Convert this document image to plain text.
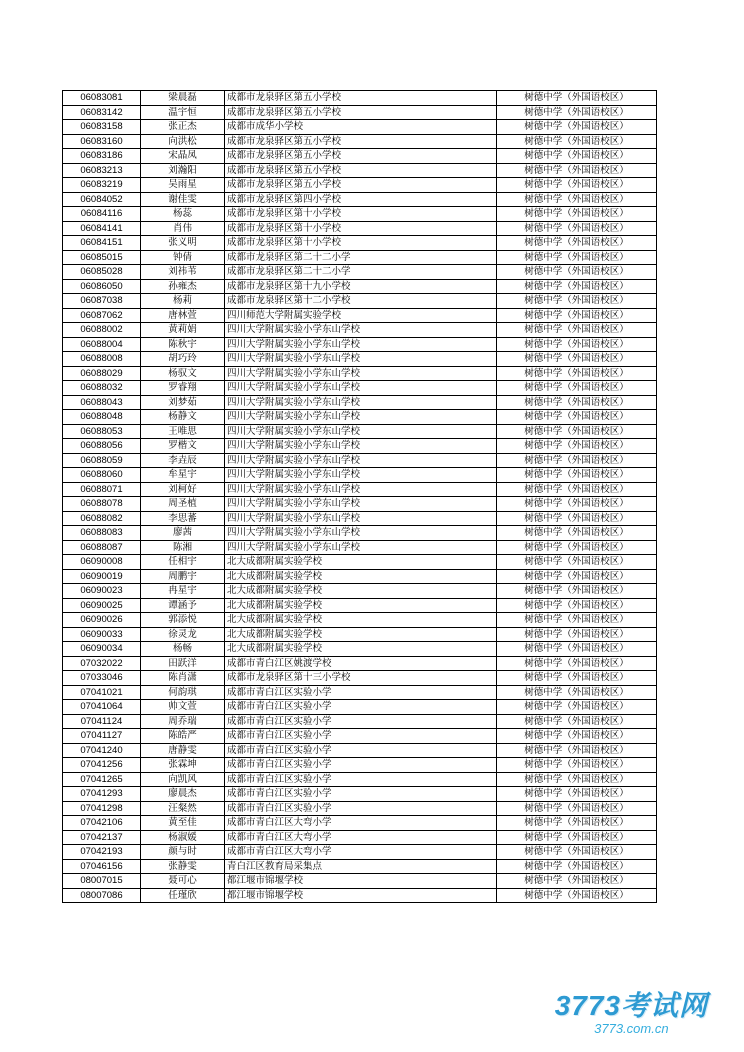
06083081	梁晨磊	成都市龙泉驿区第五小学校	树德中学（外国语校区）
06083142	温宇恒	成都市龙泉驿区第五小学校	树德中学（外国语校区）
06083158	张正杰	成都市成华小学校	树德中学（外国语校区）
06083160	向洪松	成都市龙泉驿区第五小学校	树德中学（外国语校区）
06083186	宋晶凤	成都市龙泉驿区第五小学校	树德中学（外国语校区）
06083213	刘瀚阳	成都市龙泉驿区第五小学校	树德中学（外国语校区）
06083219	吴雨星	成都市龙泉驿区第五小学校	树德中学（外国语校区）
06084052	谢佳雯	成都市龙泉驿区第四小学校	树德中学（外国语校区）
06084116	杨蕊	成都市龙泉驿区第十小学校	树德中学（外国语校区）
06084141	肖伟	成都市龙泉驿区第十小学校	树德中学（外国语校区）
06084151	张义明	成都市龙泉驿区第十小学校	树德中学（外国语校区）
06085015	钟倩	成都市龙泉驿区第二十二小学	树德中学（外国语校区）
06085028	刘祎苇	成都市龙泉驿区第二十二小学	树德中学（外国语校区）
06086050	孙雍杰	成都市龙泉驿区第十九小学校	树德中学（外国语校区）
06087038	杨莉	成都市龙泉驿区第十二小学校	树德中学（外国语校区）
06087062	唐林萱	四川师范大学附属实验学校	树德中学（外国语校区）
06088002	黄莉娟	四川大学附属实验小学东山学校	树德中学（外国语校区）
06088004	陈秋宇	四川大学附属实验小学东山学校	树德中学（外国语校区）
06088008	胡巧玲	四川大学附属实验小学东山学校	树德中学（外国语校区）
06088029	杨驭文	四川大学附属实验小学东山学校	树德中学（外国语校区）
06088032	罗睿翔	四川大学附属实验小学东山学校	树德中学（外国语校区）
06088043	刘梦茹	四川大学附属实验小学东山学校	树德中学（外国语校区）
06088048	杨静文	四川大学附属实验小学东山学校	树德中学（外国语校区）
06088053	王唯思	四川大学附属实验小学东山学校	树德中学（外国语校区）
06088056	罗楷文	四川大学附属实验小学东山学校	树德中学（外国语校区）
06088059	李垚辰	四川大学附属实验小学东山学校	树德中学（外国语校区）
06088060	牟星宇	四川大学附属实验小学东山学校	树德中学（外国语校区）
06088071	刘柯好	四川大学附属实验小学东山学校	树德中学（外国语校区）
06088078	周圣植	四川大学附属实验小学东山学校	树德中学（外国语校区）
06088082	李思蕃	四川大学附属实验小学东山学校	树德中学（外国语校区）
06088083	廖茜	四川大学附属实验小学东山学校	树德中学（外国语校区）
06088087	陈湘	四川大学附属实验小学东山学校	树德中学（外国语校区）
06090008	任相宇	北大成都附属实验学校	树德中学（外国语校区）
06090019	周鹏宇	北大成都附属实验学校	树德中学（外国语校区）
06090023	冉星宇	北大成都附属实验学校	树德中学（外国语校区）
06090025	谭涵予	北大成都附属实验学校	树德中学（外国语校区）
06090026	郭添悦	北大成都附属实验学校	树德中学（外国语校区）
06090033	徐灵龙	北大成都附属实验学校	树德中学（外国语校区）
06090034	杨畅	北大成都附属实验学校	树德中学（外国语校区）
07032022	田跃洋	成都市青白江区姚渡学校	树德中学（外国语校区）
07033046	陈肖潇	成都市龙泉驿区第十三小学校	树德中学（外国语校区）
07041021	何韵琪	成都市青白江区实验小学	树德中学（外国语校区）
07041064	帅文萱	成都市青白江区实验小学	树德中学（外国语校区）
07041124	周乔瑞	成都市青白江区实验小学	树德中学（外国语校区）
07041127	陈皓严	成都市青白江区实验小学	树德中学（外国语校区）
07041240	唐静雯	成都市青白江区实验小学	树德中学（外国语校区）
07041256	张霖坤	成都市青白江区实验小学	树德中学（外国语校区）
07041265	向凯风	成都市青白江区实验小学	树德中学（外国语校区）
07041293	廖晨杰	成都市青白江区实验小学	树德中学（外国语校区）
07041298	汪粲然	成都市青白江区实验小学	树德中学（外国语校区）
07042106	黄至佳	成都市青白江区大弯小学	树德中学（外国语校区）
07042137	杨淑媛	成都市青白江区大弯小学	树德中学（外国语校区）
07042193	颜与时	成都市青白江区大弯小学	树德中学（外国语校区）
07046156	张静雯	青白江区教育局采集点	树德中学（外国语校区）
08007015	聂可心	都江堰市锦堰学校	树德中学（外国语校区）
08007086	任瑾欣	都江堰市锦堰学校	树德中学（外国语校区）
3773考试网
3773.com.cn
